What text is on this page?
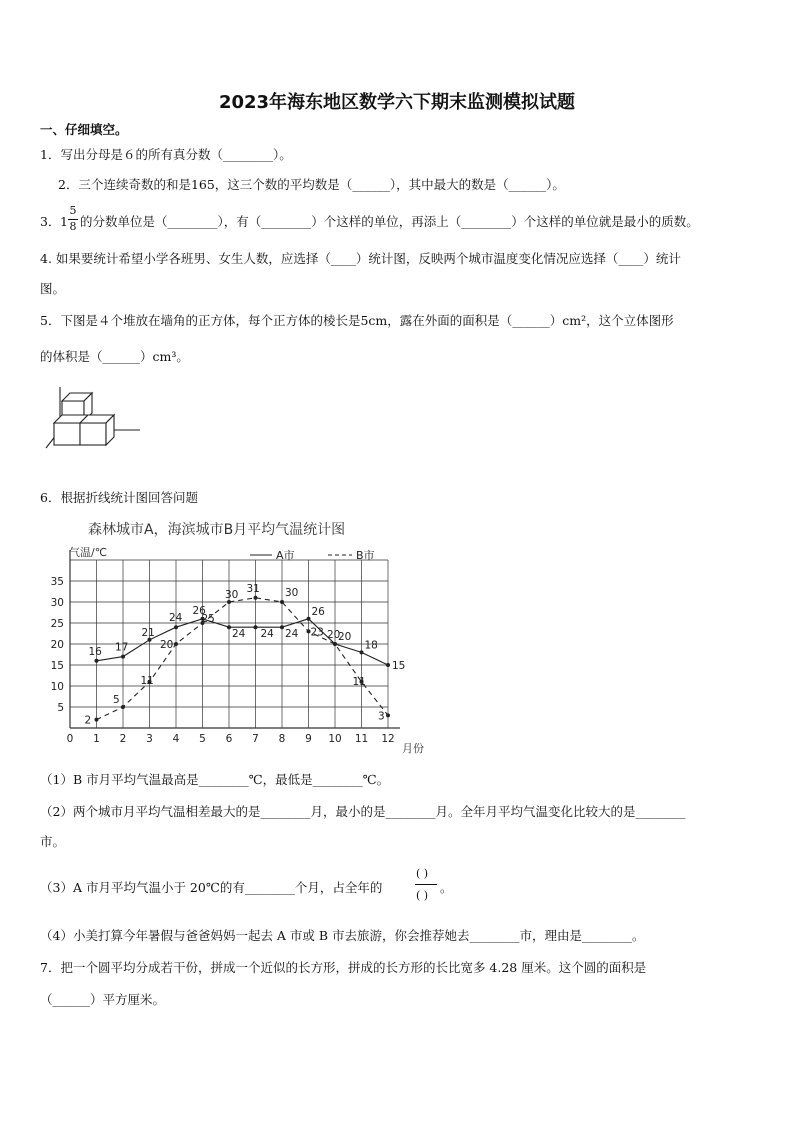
2023年海东地区数学六下期末监测模拟试题
一、仔细填空。
1．写出分母是６的所有真分数（________）。
2．三个连续奇数的和是165，这三个数的平均数是（______），其中最大的数是（______）。
3． 1
5
8 的分数单位是（________），有（________）个这样的单位，再添上（________）个这样的单位就是最小的质数。
4. 如果要统计希望小学各班男、女生人数，应选择（____）统计图，反映两个城市温度变化情况应选择（____）统计
图。
5．下图是４个堆放在墙角的正方体，每个正方体的棱长是5cm，露在外面的面积是（______）cm²，这个立体图形
的体积是（______）cm³。
6．根据折线统计图回答问题
森林城市A，海滨城市B月平均气温统计图
气温/℃
月份
0 1 2 3 4 5 6 7 8 9 10 11 12
5
10
15
20
25
30
35
A市	B市
16 17
21
24
26
24 24 24
26
20
18
15
2
5
11
20
25
30
31 30
23 20
11
3
（1）B 市月平均气温最高是________℃，最低是________℃。
（2）两个城市月平均气温相差最大的是________月，最小的是________月。全年月平均气温变化比较大的是________
市。
（3）A 市月平均气温小于 20℃的有________个月，占全年的
( )
( )
。
（4）小美打算今年暑假与爸爸妈妈一起去 A 市或 B 市去旅游，你会推荐她去________市，理由是________。
7．把一个圆平均分成若干份，拼成一个近似的长方形，拼成的长方形的长比宽多 4.28 厘米。这个圆的面积是
（______）平方厘米。
